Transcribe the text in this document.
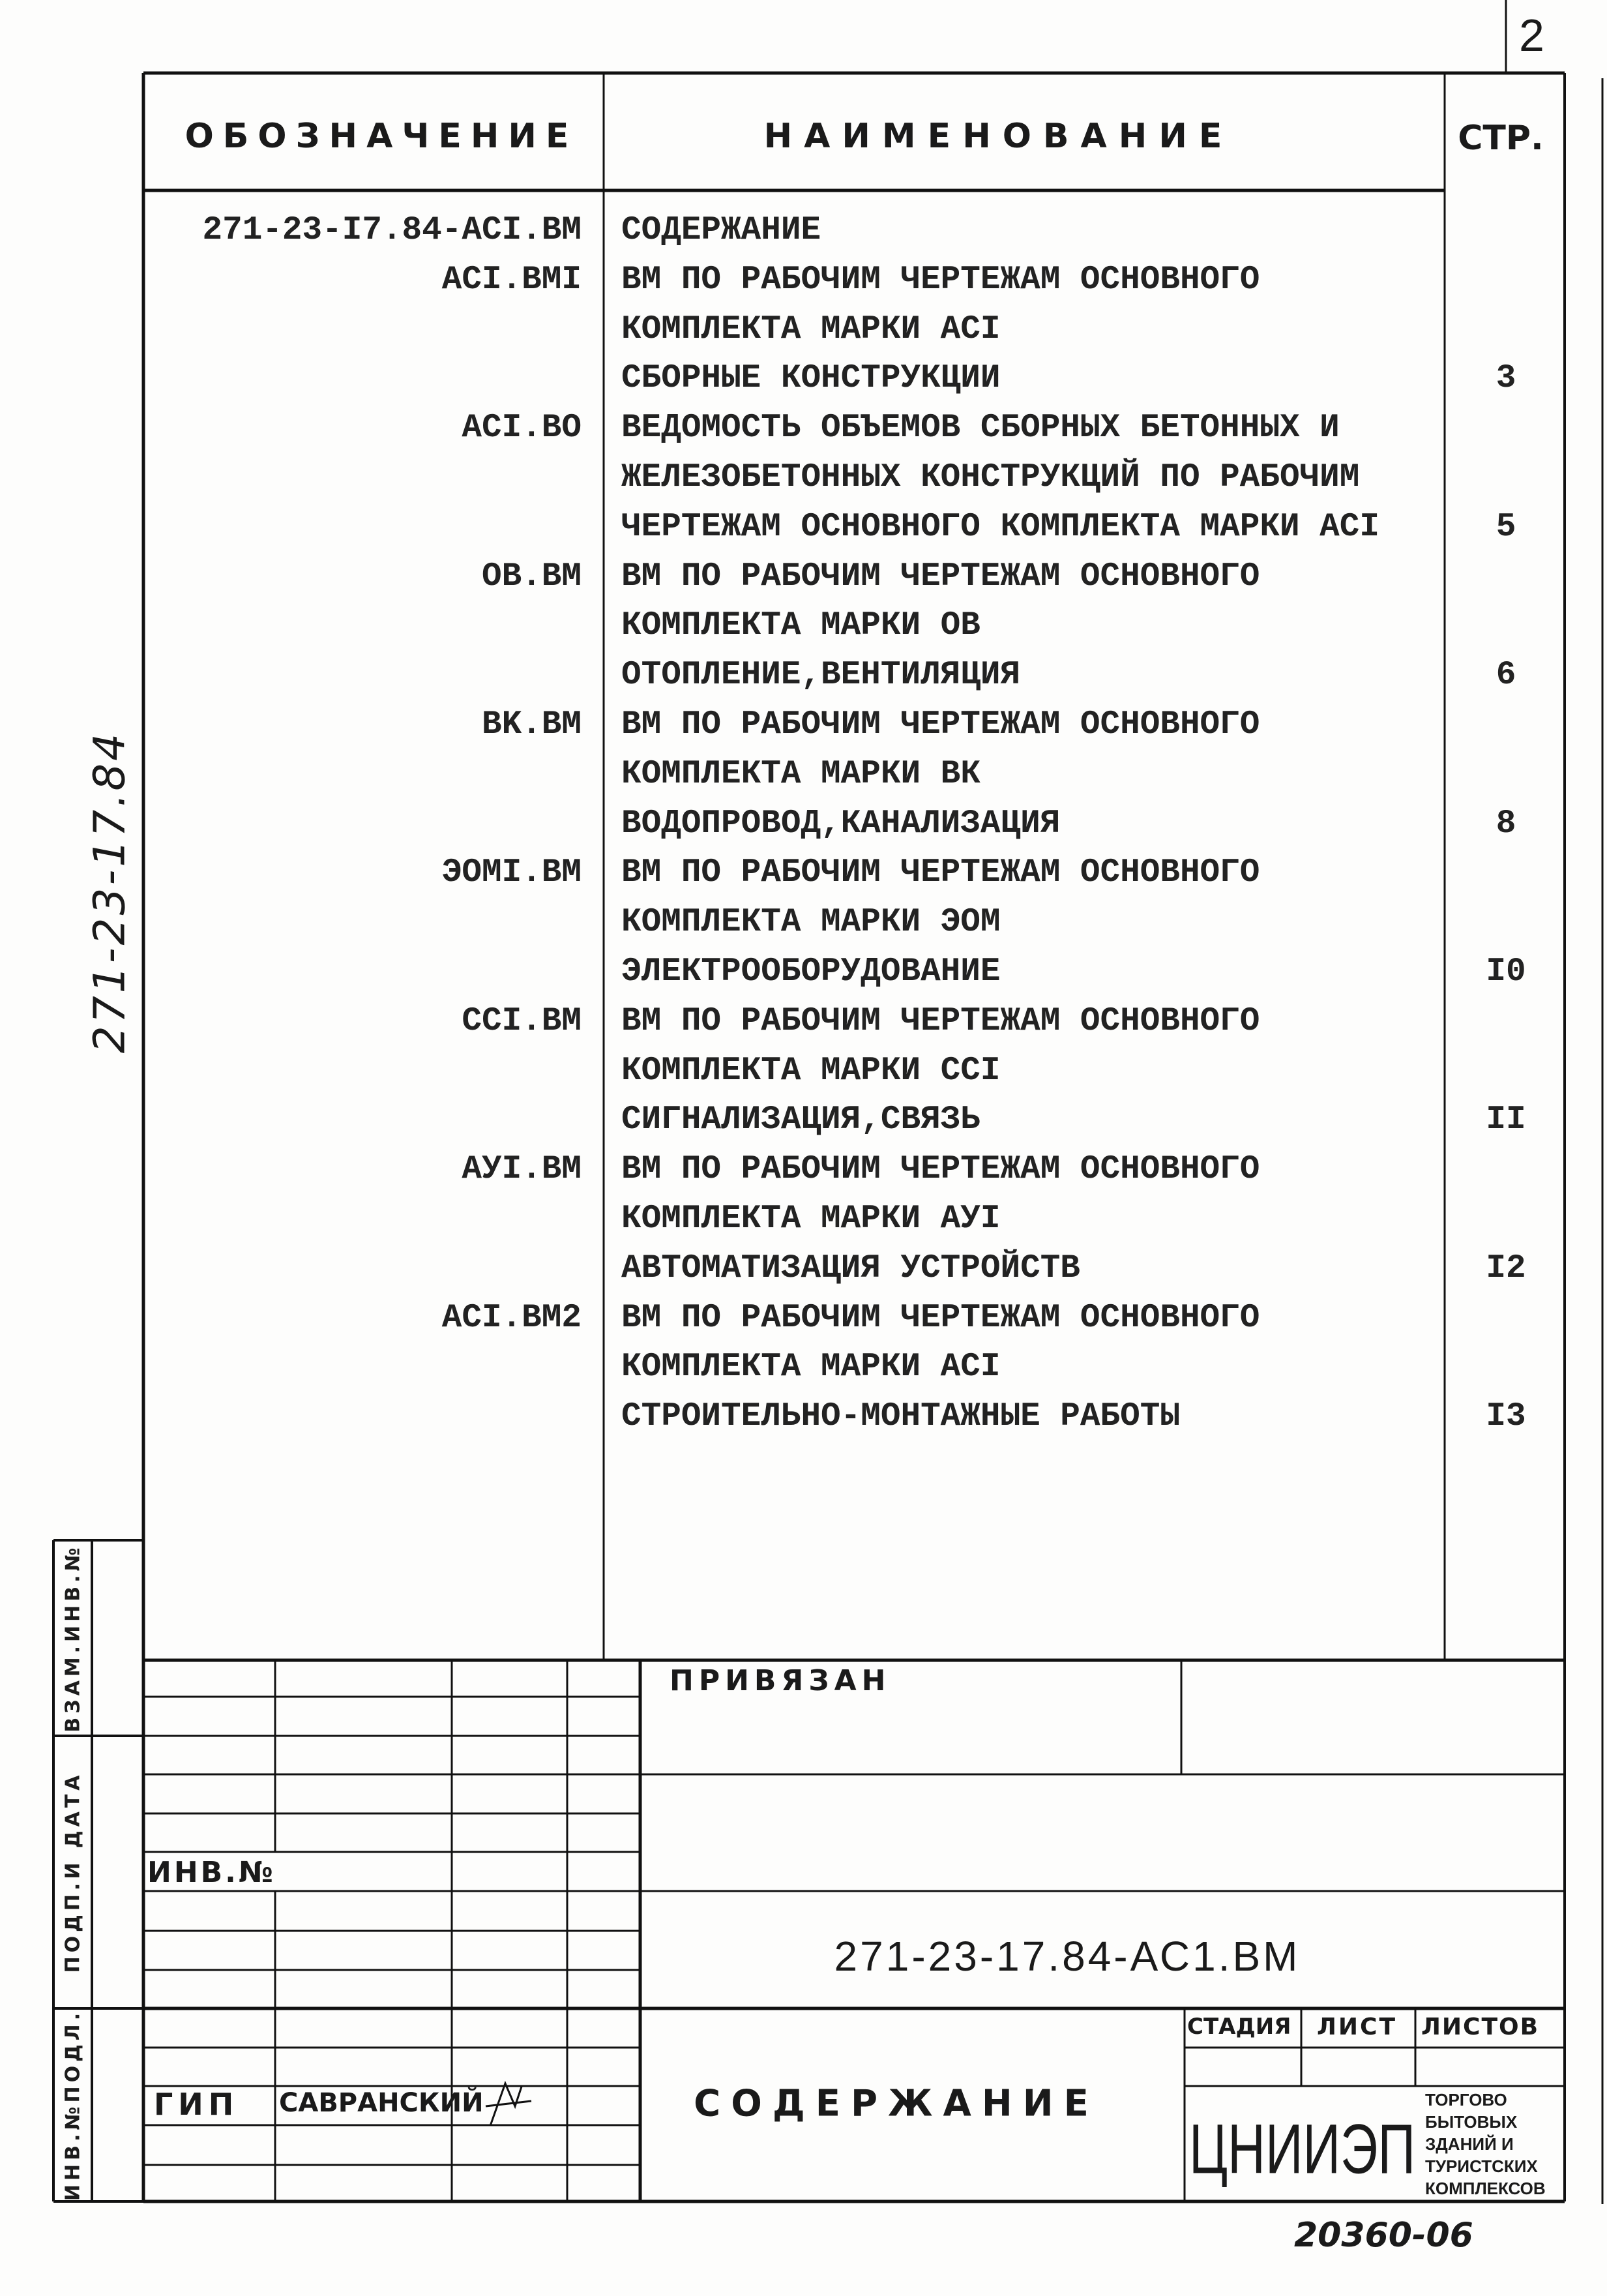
2
271-23-17.84
ОБОЗНАЧЕНИЕ	НАИМЕНОВАНИЕ	СТР.
271-23-I7.84-ACI.BM СОДЕРЖАНИЕ
ACI.BMI ВМ ПО РАБОЧИМ ЧЕРТЕЖАМ ОСНОВНОГО
КОМПЛЕКТА МАРКИ АСI
СБОРНЫЕ КОНСТРУКЦИИ	3
ACI.BO ВЕДОМОСТЬ ОБЪЕМОВ СБОРНЫХ БЕТОННЫХ И
ЖЕЛЕЗОБЕТОННЫХ КОНСТРУКЦИЙ ПО РАБОЧИМ
ЧЕРТЕЖАМ ОСНОВНОГО КОМПЛЕКТА МАРКИ АСI	5
OB.BM ВМ ПО РАБОЧИМ ЧЕРТЕЖАМ ОСНОВНОГО
КОМПЛЕКТА МАРКИ ОВ
ОТОПЛЕНИЕ,ВЕНТИЛЯЦИЯ	6
BK.BM ВМ ПО РАБОЧИМ ЧЕРТЕЖАМ ОСНОВНОГО
КОМПЛЕКТА МАРКИ ВК
ВОДОПРОВОД,КАНАЛИЗАЦИЯ	8
ЭОМI.BM ВМ ПО РАБОЧИМ ЧЕРТЕЖАМ ОСНОВНОГО
КОМПЛЕКТА МАРКИ ЭОМ
ЭЛЕКТРООБОРУДОВАНИЕ	I0
CCI.BM ВМ ПО РАБОЧИМ ЧЕРТЕЖАМ ОСНОВНОГО
КОМПЛЕКТА МАРКИ ССI
СИГНАЛИЗАЦИЯ,СВЯЗЬ	II
AУI.BM ВМ ПО РАБОЧИМ ЧЕРТЕЖАМ ОСНОВНОГО
КОМПЛЕКТА МАРКИ АУI
АВТОМАТИЗАЦИЯ УСТРОЙСТВ	I2
ACI.BM2 ВМ ПО РАБОЧИМ ЧЕРТЕЖАМ ОСНОВНОГО
КОМПЛЕКТА МАРКИ АСI
СТРОИТЕЛЬНО-МОНТАЖНЫЕ РАБОТЫ	I3
ВЗАМ.ИНВ.№
ПОДП.И ДАТА
ИНВ.№ПОДЛ.
ПРИВЯЗАН
ИНВ.№
271-23-17.84-АС1.ВМ
ГИП САВРАНСКИЙ	СОДЕРЖАНИЕ
СТАДИЯ ЛИСТ ЛИСТОВ
ЦНИИЭП
ТОРГОВО
БЫТОВЫХ
ЗДАНИЙ И
ТУРИСТСКИХ
КОМПЛЕКСОВ
20360-06
